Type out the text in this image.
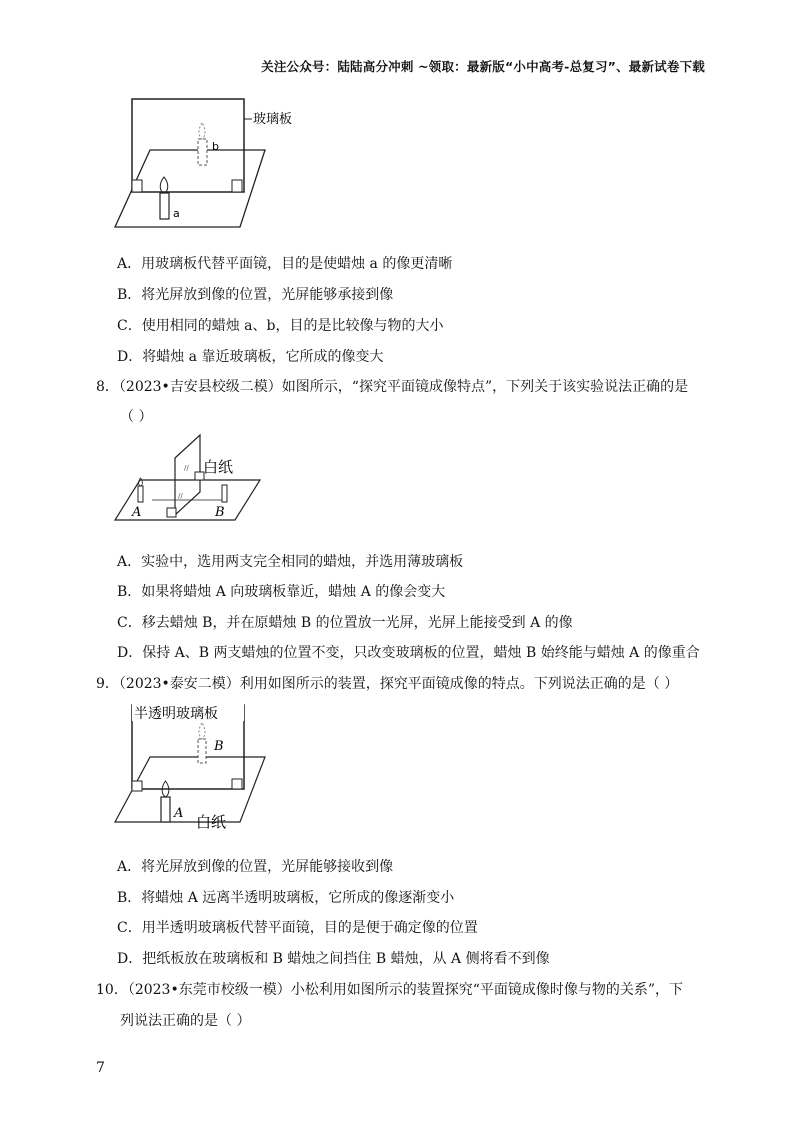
关注公众号：陆陆高分冲刺 ~领取：最新版“小中高考-总复习”、最新试卷下载
a
b
玻璃板
A．用玻璃板代替平面镜，目的是使蜡烛 a 的像更清晰
B．将光屏放到像的位置，光屏能够承接到像
C．使用相同的蜡烛 a、b，目的是比较像与物的大小
D．将蜡烛 a 靠近玻璃板，它所成的像变大
8．（2023•吉安县校级二模）如图所示，“探究平面镜成像特点”，下列关于该实验说法正确的是
（ ）
//
//
白纸
A	B
A．实验中，选用两支完全相同的蜡烛，并选用薄玻璃板
B．如果将蜡烛 A 向玻璃板靠近，蜡烛 A 的像会变大
C．移去蜡烛 B，并在原蜡烛 B 的位置放一光屏，光屏上能接受到 A 的像
D．保持 A、B 两支蜡烛的位置不变，只改变玻璃板的位置，蜡烛 B 始终能与蜡烛 A 的像重合
9．（2023•泰安二模）利用如图所示的装置，探究平面镜成像的特点。下列说法正确的是（ ）
半透明玻璃板
B
A 白纸
A．将光屏放到像的位置，光屏能够接收到像
B．将蜡烛 A 远离半透明玻璃板，它所成的像逐渐变小
C．用半透明玻璃板代替平面镜，目的是便于确定像的位置
D．把纸板放在玻璃板和 B 蜡烛之间挡住 B 蜡烛，从 A 侧将看不到像
10．（2023•东莞市校级一模）小松利用如图所示的装置探究“平面镜成像时像与物的关系”，下
列说法正确的是（ ）
7
